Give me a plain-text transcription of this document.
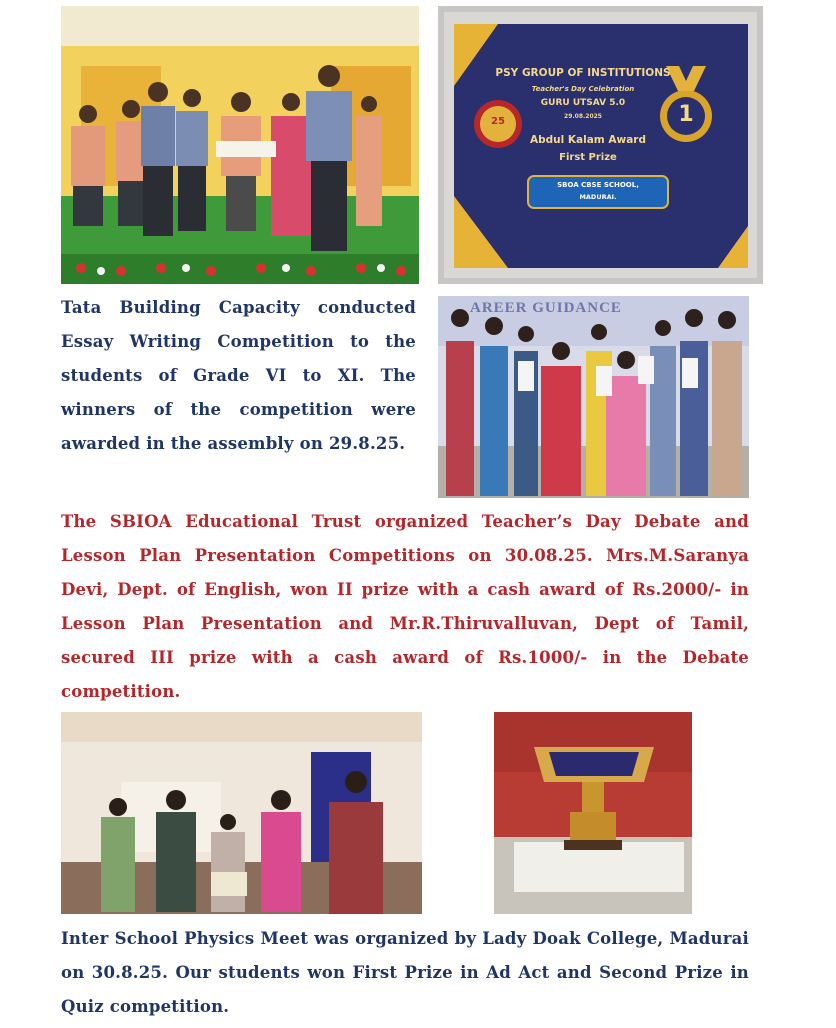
PSY GROUP OF INSTITUTIONS
Teacher's Day Celebration
GURU UTSAV 5.0
29.08.2025
25	1
Abdul Kalam Award
First Prize
SBOA CBSE SCHOOL,
MADURAI.

Tata Building Capacity conducted Essay Writing Competition to the students of Grade VI to XI. The winners of the competition were awarded in the assembly on 29.8.25.

AREER GUIDANCE

The SBIOA Educational Trust organized Teacher’s Day Debate and Lesson Plan Presentation Competitions on 30.08.25. Mrs.M.Saranya Devi, Dept. of English, won II prize with a cash award of Rs.2000/- in Lesson Plan Presentation and Mr.R.Thiruvalluvan, Dept of Tamil, secured III prize with a cash award of Rs.1000/- in the Debate competition.

Inter School Physics Meet was organized by Lady Doak College, Madurai on 30.8.25. Our students won First Prize in Ad Act and Second Prize in Quiz competition.
